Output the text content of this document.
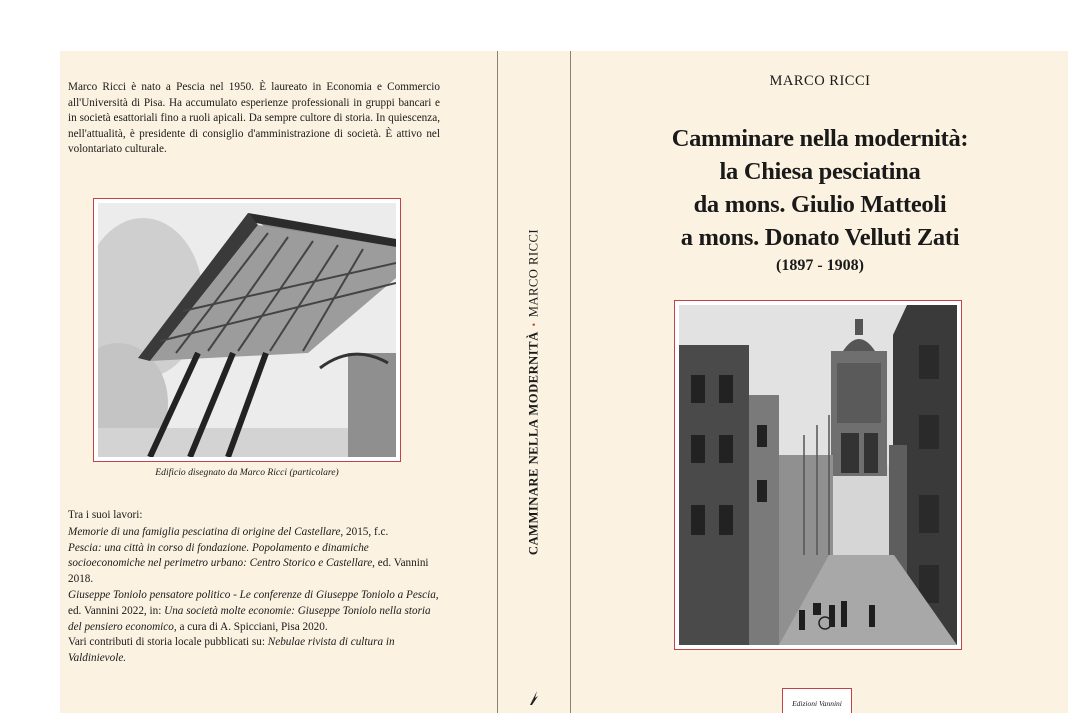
Marco Ricci è nato a Pescia nel 1950. È laureato in Economia e Commercio all'Università di Pisa. Ha accumulato esperienze professionali in gruppi bancari e in società esattoriali fino a ruoli apicali. Da sempre cultore di storia. In quiescenza, nell'attualità, è presidente di consiglio d'amministrazione di società. È attivo nel volontariato culturale.

Edificio disegnato da Marco Ricci (particolare)

Tra i suoi lavori:

Memorie di una famiglia pesciatina di origine del Castellare, 2015, f.c.

Pescia: una città in corso di fondazione. Popolamento e dinamiche socioeconomiche nel perimetro urbano: Centro Storico e Castellare, ed. Vannini 2018.

Giuseppe Toniolo pensatore politico - Le conferenze di Giuseppe Toniolo a Pescia, ed. Vannini 2022, in: Una società molte economie: Giuseppe Toniolo nella storia del pensiero economico, a cura di A. Spicciani, Pisa 2020.

Vari contributi di storia locale pubblicati su: Nebulae rivista di cultura in Valdinievole.

CAMMINARE NELLA MODERNITÀ•MARCO RICCI
MARCO RICCI

Camminare nella modernità:

la Chiesa pesciatina

da mons. Giulio Matteoli

a mons. Donato Velluti Zati

(1897 - 1908)
Edizioni Vannini
